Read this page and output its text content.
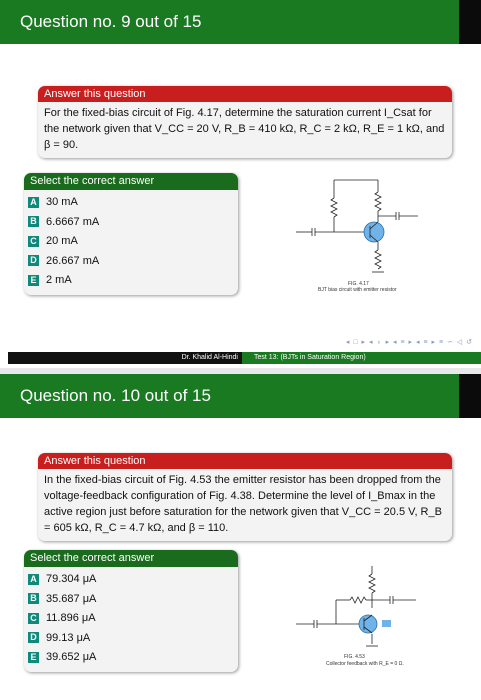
Question no. 9 out of 15
Answer this question
For the fixed-bias circuit of Fig. 4.17, determine the saturation current I_Csat for the network given that V_CC = 20 V, R_B = 410 kΩ, R_C = 2 kΩ, R_E = 1 kΩ, and β = 90.
Select the correct answer
A 30 mA
B 6.6667 mA
C 20 mA
D 26.667 mA
E 2 mA	FIG. 4.17
BJT bias circuit with emitter resistor
◂ □ ▸ ◂ ♁ ▸ ◂ ≡ ▸ ◂ ≡ ▸ ≡ ∽ ◁ ↺
Dr. Khalid Al-Hindi	Test 13: (BJTs in Saturation Region)
Question no. 10 out of 15
Answer this question
In the fixed-bias circuit of Fig. 4.53 the emitter resistor has been dropped from the voltage-feedback configuration of Fig. 4.38. Determine the level of I_Bmax in the active region just before saturation for the network given that V_CC = 20.5 V, R_B = 605 kΩ, R_C = 4.7 kΩ, and β = 110.
Select the correct answer
A 79.304 μA
B 35.687 μA
C 11.896 μA
D 99.13 μA
E 39.652 μA	FIG. 4.53
Collector feedback with R_E = 0 Ω.
